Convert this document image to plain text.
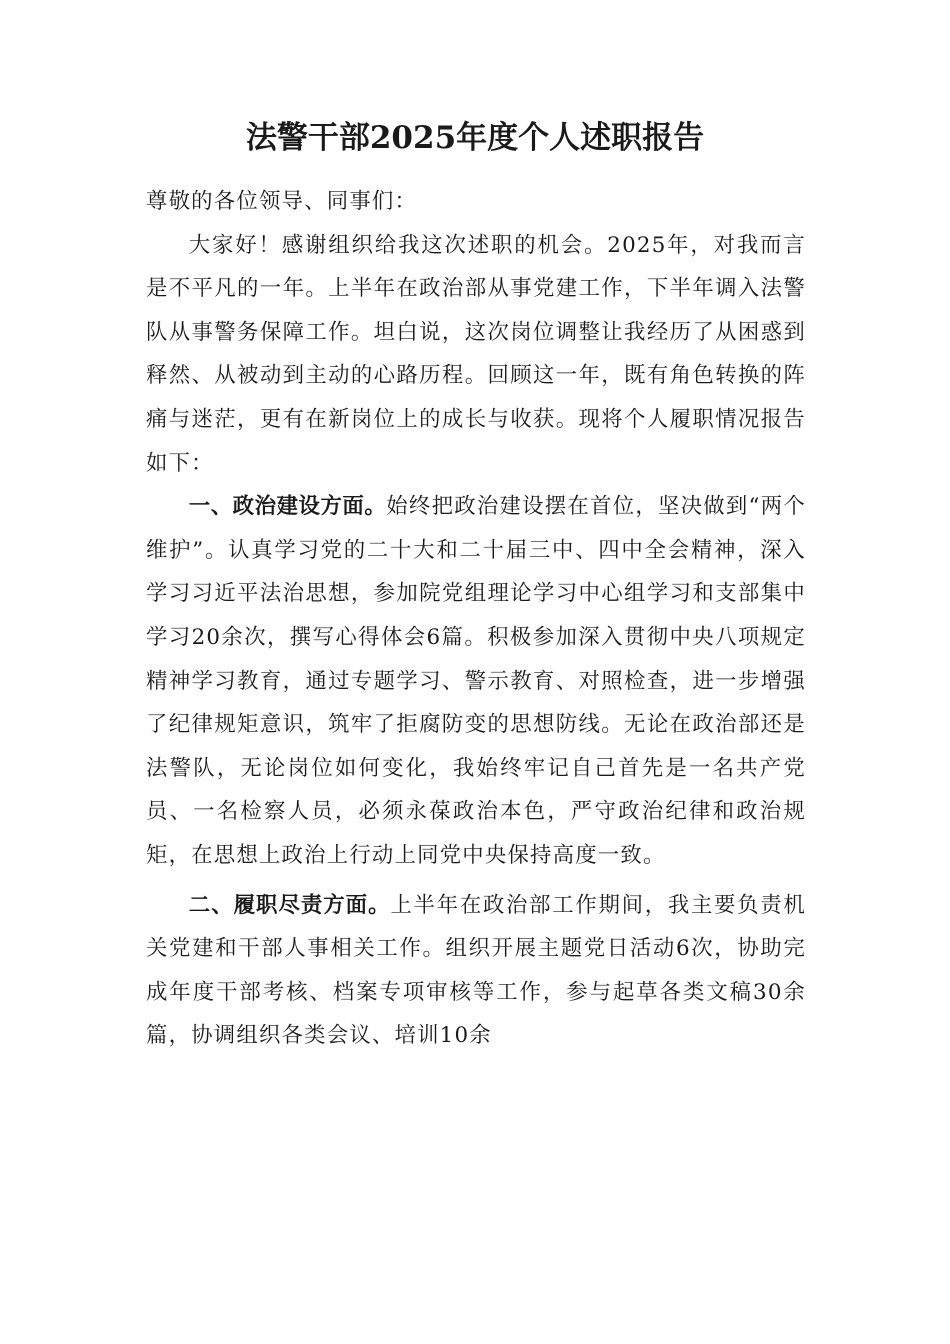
法警干部2025年度个人述职报告

尊敬的各位领导、同事们：

大家好！感谢组织给我这次述职的机会。2025年，对我而言是不平凡的一年。上半年在政治部从事党建工作，下半年调入法警队从事警务保障工作。坦白说，这次岗位调整让我经历了从困惑到释然、从被动到主动的心路历程。回顾这一年，既有角色转换的阵痛与迷茫，更有在新岗位上的成长与收获。现将个人履职情况报告如下：

一、政治建设方面。始终把政治建设摆在首位，坚决做到“两个维护”。认真学习党的二十大和二十届三中、四中全会精神，深入学习习近平法治思想，参加院党组理论学习中心组学习和支部集中学习20余次，撰写心得体会6篇。积极参加深入贯彻中央八项规定精神学习教育，通过专题学习、警示教育、对照检查，进一步增强了纪律规矩意识，筑牢了拒腐防变的思想防线。无论在政治部还是法警队，无论岗位如何变化，我始终牢记自己首先是一名共产党员、一名检察人员，必须永葆政治本色，严守政治纪律和政治规矩，在思想上政治上行动上同党中央保持高度一致。

二、履职尽责方面。上半年在政治部工作期间，我主要负责机关党建和干部人事相关工作。组织开展主题党日活动6次，协助完成年度干部考核、档案专项审核等工作，参与起草各类文稿30余篇，协调组织各类会议、培训10余
